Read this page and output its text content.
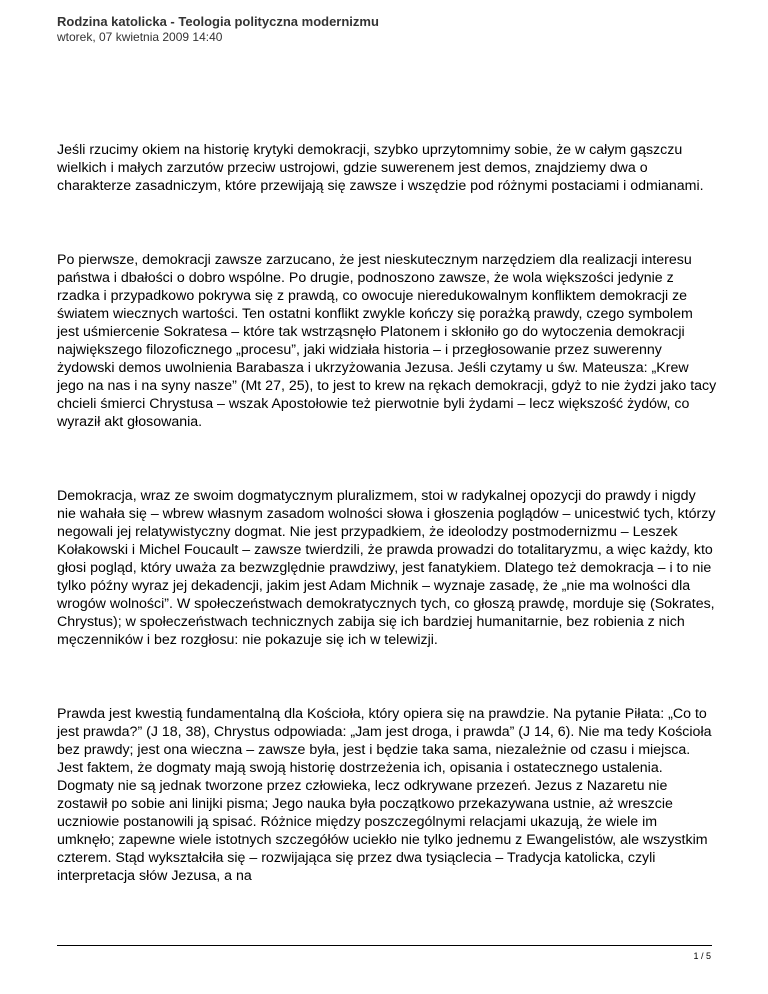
Rodzina katolicka - Teologia polityczna modernizmu
wtorek, 07 kwietnia 2009 14:40

Jeśli rzucimy okiem na historię krytyki demokracji, szybko uprzytomnimy sobie, że w całym gąszczu wielkich i małych zarzutów przeciw ustrojowi, gdzie suwerenem jest demos, znajdziemy dwa o charakterze zasadniczym, które przewijają się zawsze i wszędzie pod różnymi postaciami i odmianami.

Po pierwsze, demokracji zawsze zarzucano, że jest nieskutecznym narzędziem dla realizacji interesu państwa i dbałości o dobro wspólne. Po drugie, podnoszono zawsze, że wola większości jedynie z rzadka i przypadkowo pokrywa się z prawdą, co owocuje nieredukowalnym konfliktem demokracji ze światem wiecznych wartości. Ten ostatni konflikt zwykle kończy się porażką prawdy, czego symbolem jest uśmiercenie Sokratesa – które tak wstrząsnęło Platonem i skłoniło go do wytoczenia demokracji największego filozoficznego „procesu”, jaki widziała historia – i przegłosowanie przez suwerenny żydowski demos uwolnienia Barabasza i ukrzyżowania Jezusa. Jeśli czytamy u św. Mateusza: „Krew jego na nas i na syny nasze” (Mt 27, 25), to jest to krew na rękach demokracji, gdyż to nie żydzi jako tacy chcieli śmierci Chrystusa – wszak Apostołowie też pierwotnie byli żydami – lecz większość żydów, co wyraził akt głosowania.

Demokracja, wraz ze swoim dogmatycznym pluralizmem, stoi w radykalnej opozycji do prawdy i nigdy nie wahała się – wbrew własnym zasadom wolności słowa i głoszenia poglądów – unicestwić tych, którzy negowali jej relatywistyczny dogmat. Nie jest przypadkiem, że ideolodzy postmodernizmu – Leszek Kołakowski i Michel Foucault – zawsze twierdzili, że prawda prowadzi do totalitaryzmu, a więc każdy, kto głosi pogląd, który uważa za bezwzględnie prawdziwy, jest fanatykiem. Dlatego też demokracja – i to nie tylko późny wyraz jej dekadencji, jakim jest Adam Michnik – wyznaje zasadę, że „nie ma wolności dla wrogów wolności”. W społeczeństwach demokratycznych tych, co głoszą prawdę, morduje się (Sokrates, Chrystus); w społeczeństwach technicznych zabija się ich bardziej humanitarnie, bez robienia z nich męczenników i bez rozgłosu: nie pokazuje się ich w telewizji.

Prawda jest kwestią fundamentalną dla Kościoła, który opiera się na prawdzie. Na pytanie Piłata: „Co to jest prawda?” (J 18, 38), Chrystus odpowiada: „Jam jest droga, i prawda” (J 14, 6). Nie ma tedy Kościoła bez prawdy; jest ona wieczna – zawsze była, jest i będzie taka sama, niezależnie od czasu i miejsca. Jest faktem, że dogmaty mają swoją historię dostrzeżenia ich, opisania i ostatecznego ustalenia. Dogmaty nie są jednak tworzone przez człowieka, lecz odkrywane przezeń. Jezus z Nazaretu nie zostawił po sobie ani linijki pisma; Jego nauka była początkowo przekazywana ustnie, aż wreszcie uczniowie postanowili ją spisać. Różnice między poszczególnymi relacjami ukazują, że wiele im umknęło; zapewne wiele istotnych szczegółów uciekło nie tylko jednemu z Ewangelistów, ale wszystkim czterem. Stąd wykształciła się – rozwijająca się przez dwa tysiąclecia – Tradycja katolicka, czyli interpretacja słów Jezusa, a na

1 / 5
